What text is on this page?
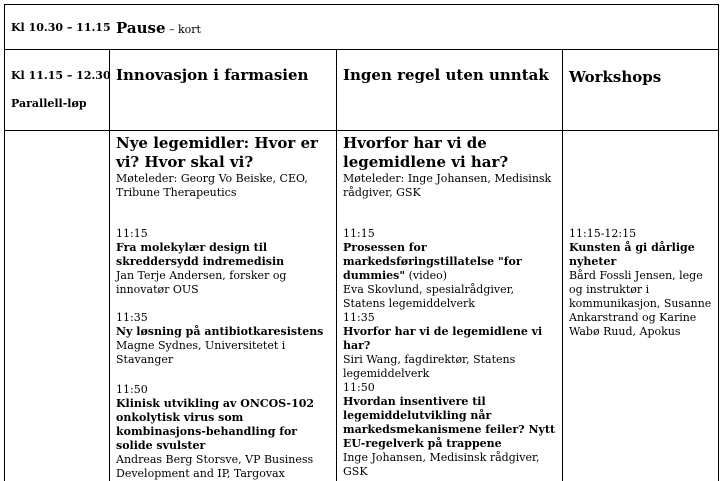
Kl 10.30 – 11.15 Pause – kort
Kl 11.15 – 12.30
Parallell-løp
Innovasjon i farmasien Ingen regel uten unntak Workshops

Nye legemidler: Hvor er vi? Hvor skal vi?

Møteleder: Georg Vo Beiske, CEO, Tribune Therapeutics

11:15

Fra molekylær design til skreddersydd indremedisin

Jan Terje Andersen, forsker og innovatør OUS

11:35

Ny løsning på antibiotkaresistens

Magne Sydnes, Universitetet i Stavanger

11:50

Klinisk utvikling av ONCOS-102 onkolytisk virus som kombinasjons-behandling for solide svulster

Andreas Berg Storsve, VP Business Development and IP, Targovax

Hvorfor har vi de legemidlene vi har?

Møteleder: Inge Johansen, Medisinsk rådgiver, GSK

11:15

Prosessen for markedsføringstillatelse "for dummies" (video)

Eva Skovlund, spesialrådgiver, Statens legemiddelverk

11:35

Hvorfor har vi de legemidlene vi har?

Siri Wang, fagdirektør, Statens legemiddelverk

11:50

Hvordan insentivere til legemiddelutvikling når markedsmekanismene feiler? Nytt EU-regelverk på trappene

Inge Johansen, Medisinsk rådgiver, GSK

11:15-12:15

Kunsten å gi dårlige nyheter

Bård Fossli Jensen, lege og instruktør i kommunikasjon, Susanne Ankarstrand og Karine Wabø Ruud, Apokus
